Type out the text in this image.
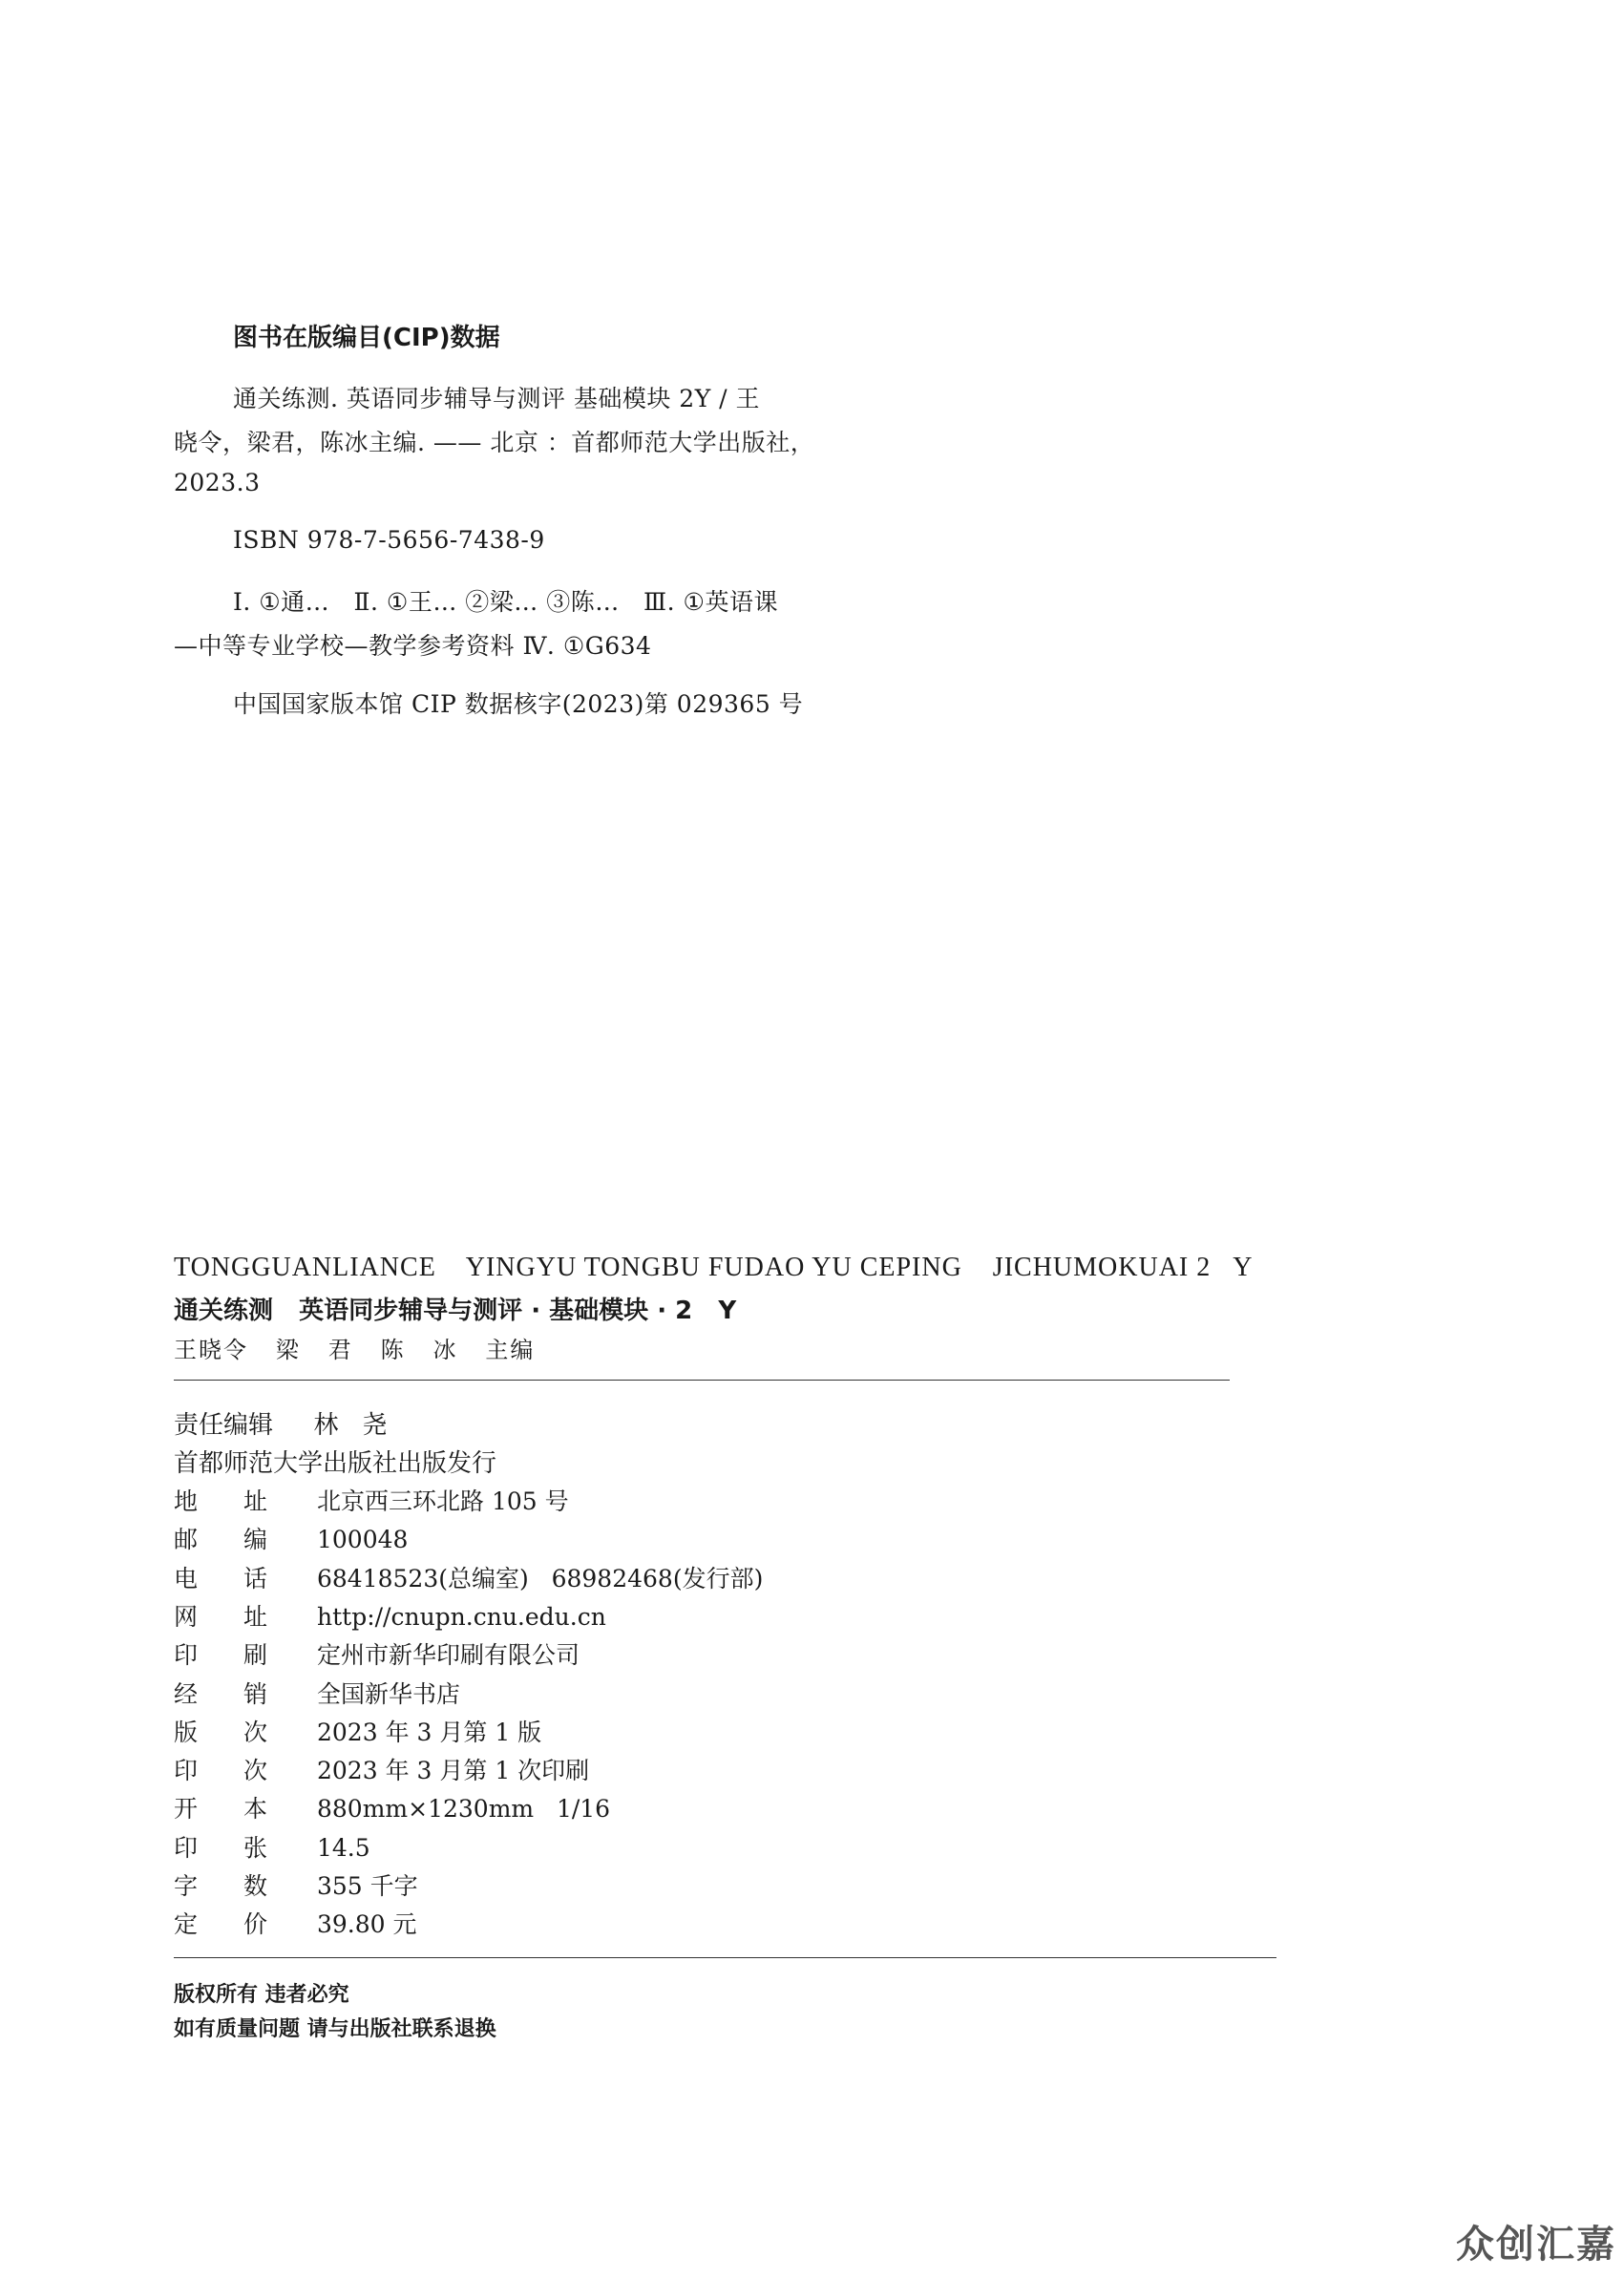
图书在版编目(CIP)数据
通关练测. 英语同步辅导与测评 基础模块 2Y / 王
晓令，梁君，陈冰主编. —— 北京 ：首都师范大学出版社，
2023.3
ISBN 978-7-5656-7438-9
Ⅰ. ①通…   Ⅱ. ①王… ②梁… ③陈…   Ⅲ. ①英语课
—中等专业学校—教学参考资料 Ⅳ. ①G634
中国国家版本馆 CIP 数据核字(2023)第 029365 号
TONGGUANLIANCE    YINGYU TONGBU FUDAO YU CEPING    JICHUMOKUAI 2   Y
通关练测   英语同步辅导与测评 · 基础模块 · 2   Y
王晓令   梁   君   陈   冰   主编
责任编辑 林   尧
首都师范大学出版社出版发行
地址 北京西三环北路 105 号
邮编 100048
电话 68418523(总编室)   68982468(发行部)
网址 http://cnupn.cnu.edu.cn
印刷 定州市新华印刷有限公司
经销 全国新华书店
版次 2023 年 3 月第 1 版
印次 2023 年 3 月第 1 次印刷
开本 880mm×1230mm   1/16
印张 14.5
字数 355 千字
定价 39.80 元
版权所有 违者必究
如有质量问题 请与出版社联系退换
众创汇嘉
